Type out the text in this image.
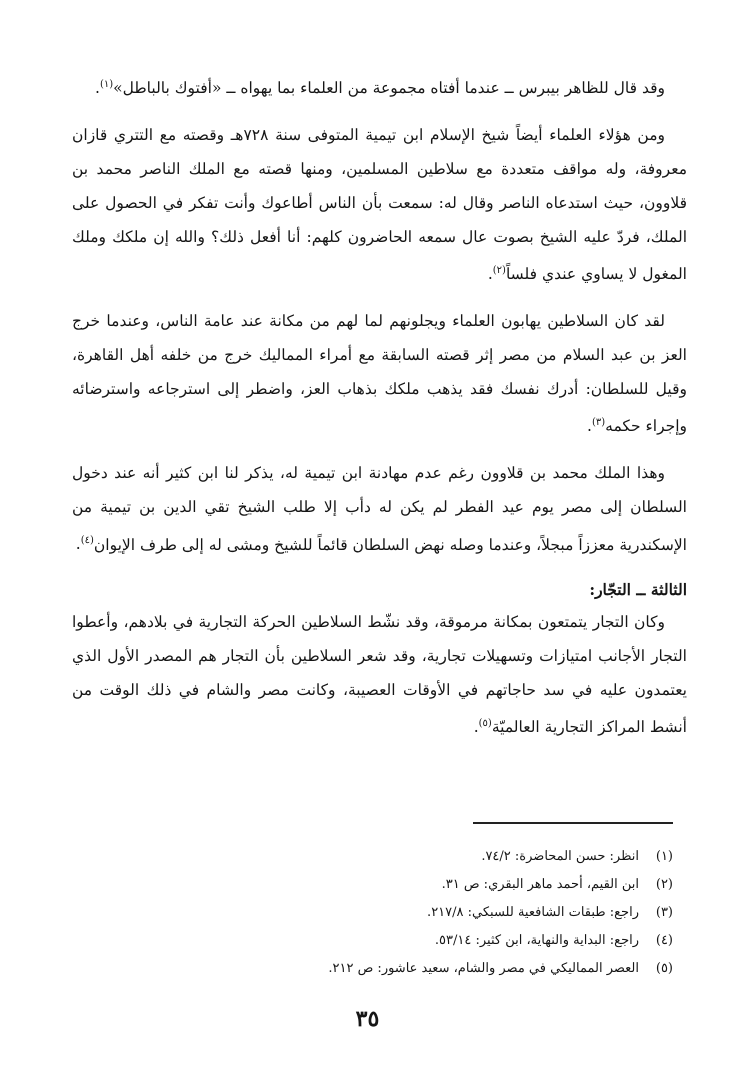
وقد قال للظاهر بيبرس ــ عندما أفتاه مجموعة من العلماء بما يهواه ــ «أفتوك بالباطل»$^{(١)}$.

ومن هؤلاء العلماء أيضاً شيخ الإسلام ابن تيمية المتوفى سنة ٧٢٨هـ وقصته مع التتري قازان معروفة، وله مواقف متعددة مع سلاطين المسلمين، ومنها قصته مع الملك الناصر محمد بن قلاوون، حيث استدعاه الناصر وقال له: سمعت بأن الناس أطاعوك وأنت تفكر في الحصول على الملك، فردّ عليه الشيخ بصوت عال سمعه الحاضرون كلهم: أنا أفعل ذلك؟ والله إن ملكك وملك المغول لا يساوي عندي فلساً$^{(٢)}$.

لقد كان السلاطين يهابون العلماء ويجلونهم لما لهم من مكانة عند عامة الناس، وعندما خرج العز بن عبد السلام من مصر إثر قصته السابقة مع أمراء المماليك خرج من خلفه أهل القاهرة، وقيل للسلطان: أدرك نفسك فقد يذهب ملكك بذهاب العز، واضطر إلى استرجاعه واسترضائه وإجراء حكمه$^{(٣)}$.

وهذا الملك محمد بن قلاوون رغم عدم مهادنة ابن تيمية له، يذكر لنا ابن كثير أنه عند دخول السلطان إلى مصر يوم عيد الفطر لم يكن له دأب إلا طلب الشيخ تقي الدين بن تيمية من الإسكندرية معززاً مبجلاً، وعندما وصله نهض السلطان قائماً للشيخ ومشى له إلى طرف الإيوان$^{(٤)}$.

الثالثة ــ التجّار:

وكان التجار يتمتعون بمكانة مرموقة، وقد نشّط السلاطين الحركة التجارية في بلادهم، وأعطوا التجار الأجانب امتيازات وتسهيلات تجارية، وقد شعر السلاطين بأن التجار هم المصدر الأول الذي يعتمدون عليه في سد حاجاتهم في الأوقات العصيبة، وكانت مصر والشام في ذلك الوقت من أنشط المراكز التجارية العالميّة$^{(٥)}$.

(١)انظر: حسن المحاضرة: ٧٤/٢.

(٢)ابن القيم، أحمد ماهر البقري: ص ٣١.

(٣)راجع: طبقات الشافعية للسبكي: ٢١٧/٨.

(٤)راجع: البداية والنهاية، ابن كثير: ٥٣/١٤.

(٥)العصر المماليكي في مصر والشام، سعيد عاشور: ص ٢١٢.

٣٥
